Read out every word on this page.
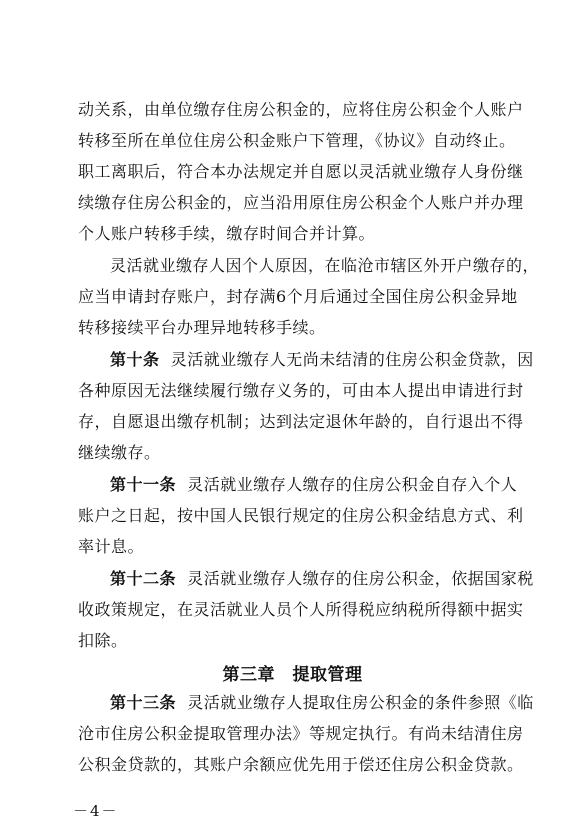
动关系，由单位缴存住房公积金的，应将住房公积金个人账户
转移至所在单位住房公积金账户下管理，《协议》自动终止。
职工离职后，符合本办法规定并自愿以灵活就业缴存人身份继
续缴存住房公积金的，应当沿用原住房公积金个人账户并办理
个人账户转移手续，缴存时间合并计算。
灵活就业缴存人因个人原因，在临沧市辖区外开户缴存的，
应当申请封存账户，封存满6个月后通过全国住房公积金异地
转移接续平台办理异地转移手续。
第十条 灵活就业缴存人无尚未结清的住房公积金贷款，因
各种原因无法继续履行缴存义务的，可由本人提出申请进行封
存，自愿退出缴存机制；达到法定退休年龄的，自行退出不得
继续缴存。
第十一条 灵活就业缴存人缴存的住房公积金自存入个人
账户之日起，按中国人民银行规定的住房公积金结息方式、利
率计息。
第十二条 灵活就业缴存人缴存的住房公积金，依据国家税
收政策规定，在灵活就业人员个人所得税应纳税所得额中据实
扣除。
第三章　提取管理
第十三条 灵活就业缴存人提取住房公积金的条件参照《临
－4－
沧市住房公积金提取管理办法》等规定执行。有尚未结清住房
公积金贷款的，其账户余额应优先用于偿还住房公积金贷款。
